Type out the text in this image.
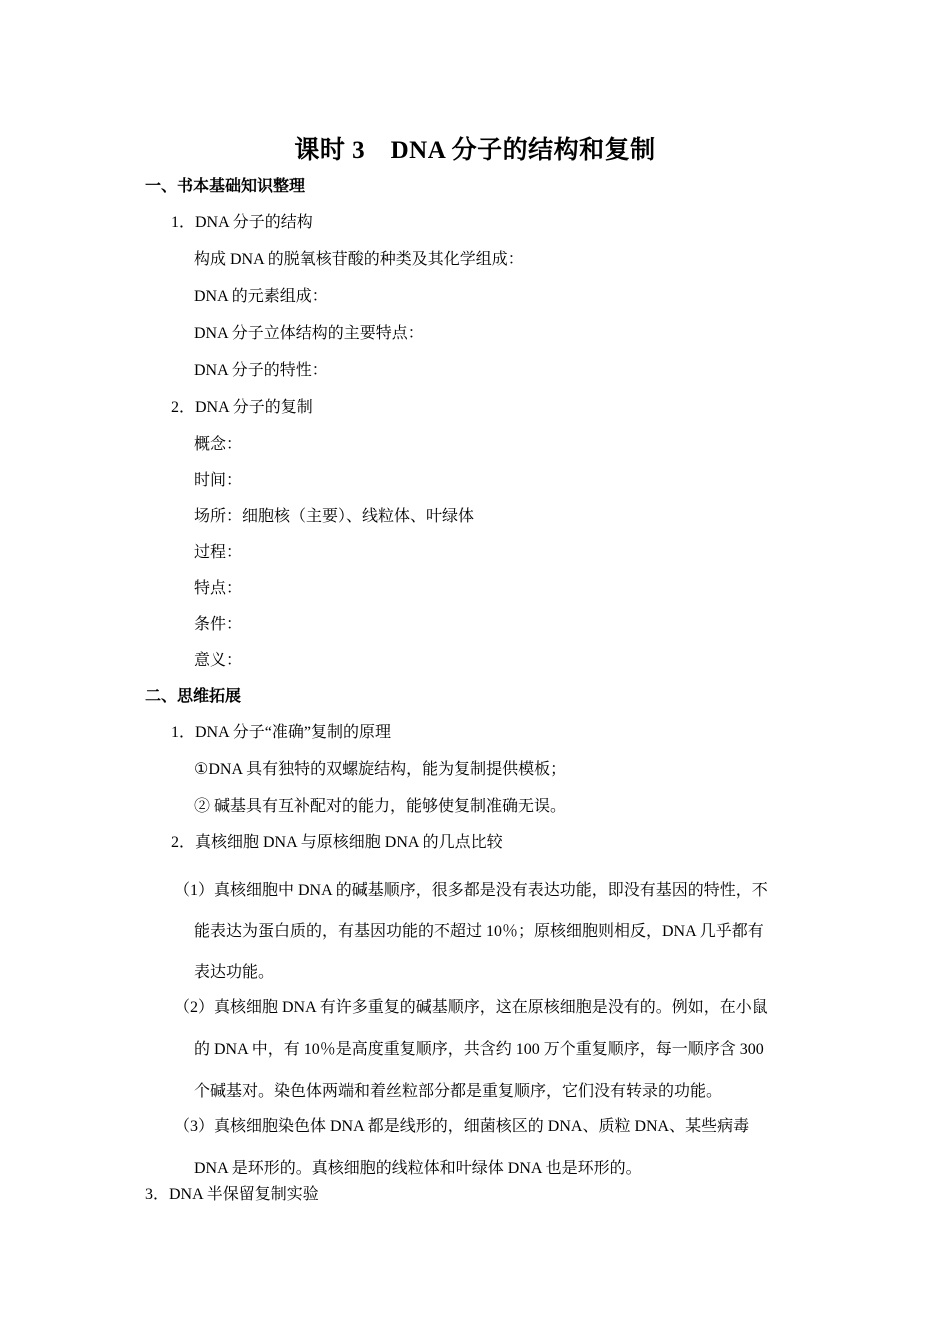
课时 3　DNA 分子的结构和复制
一、书本基础知识整理
1．DNA 分子的结构
构成 DNA 的脱氧核苷酸的种类及其化学组成：
DNA 的元素组成：
DNA 分子立体结构的主要特点：
DNA 分子的特性：
2．DNA 分子的复制
概念：
时间：
场所：细胞核（主要）、线粒体、叶绿体
过程：
特点：
条件：
意义：
二、思维拓展
1．DNA 分子“准确”复制的原理
①DNA 具有独特的双螺旋结构，能为复制提供模板；
② 碱基具有互补配对的能力，能够使复制准确无误。
2．真核细胞 DNA 与原核细胞 DNA 的几点比较
（1）真核细胞中 DNA 的碱基顺序，很多都是没有表达功能，即没有基因的特性，不
能表达为蛋白质的，有基因功能的不超过 10％；原核细胞则相反，DNA 几乎都有
表达功能。
（2）真核细胞 DNA 有许多重复的碱基顺序，这在原核细胞是没有的。例如，在小鼠
的 DNA 中，有 10％是高度重复顺序，共含约 100 万个重复顺序，每一顺序含 300
个碱基对。染色体两端和着丝粒部分都是重复顺序，它们没有转录的功能。
（3）真核细胞染色体 DNA 都是线形的，细菌核区的 DNA、质粒 DNA、某些病毒
DNA 是环形的。真核细胞的线粒体和叶绿体 DNA 也是环形的。
3．DNA 半保留复制实验
